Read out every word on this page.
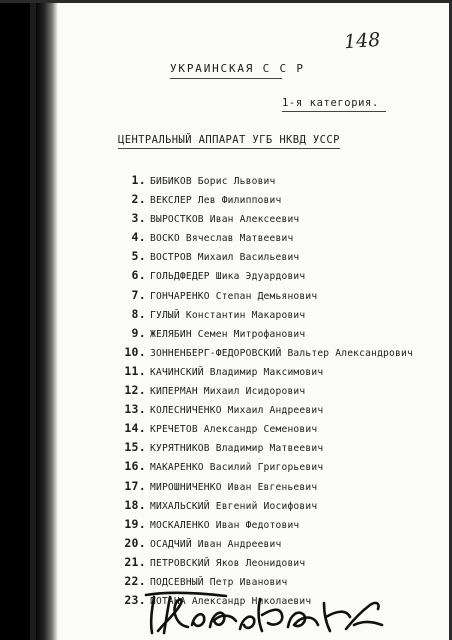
148
УКРАИНСКАЯ С С Р
1-я категория.
ЦЕНТРАЛЬНЫЙ АППАРАТ УГБ НКВД УССР
1. БИБИКОВ Борис Львович
2. ВЕКСЛЕР Лев Филиппович
3. ВЫРОСТКОВ Иван Алексеевич
4. ВОСКО Вячеслав Матвеевич
5. ВОСТРОВ Михаил Васильевич
6. ГОЛЬДФЕДЕР Шика Эдуардович
7. ГОНЧАРЕНКО Степан Демьянович
8. ГУЛЫЙ Константин Макарович
9. ЖЕЛЯБИН Семен Митрофанович
10. ЗОННЕНБЕРГ-ФЕДОРОВСКИЙ Вальтер Александрович
11. КАЧИНСКИЙ Владимир Максимович
12. КИПЕРМАН Михаил Исидорович
13. КОЛЕСНИЧЕНКО Михаил Андреевич
14. КРЕЧЕТОВ Александр Семенович
15. КУРЯТНИКОВ Владимир Матвеевич
16. МАКАРЕНКО Василий Григорьевич
17. МИРОШНИЧЕНКО Иван Евгеньевич
18. МИХАЛЬСКИЙ Евгений Иосифович
19. МОСКАЛЕНКО Иван Федотович
20. ОСАДЧИЙ Иван Андреевич
21. ПЕТРОВСКИЙ Яков Леонидович
22. ПОДСЕВНЫЙ Петр Иванович
23. ПОТАНА Александр Николаевич
